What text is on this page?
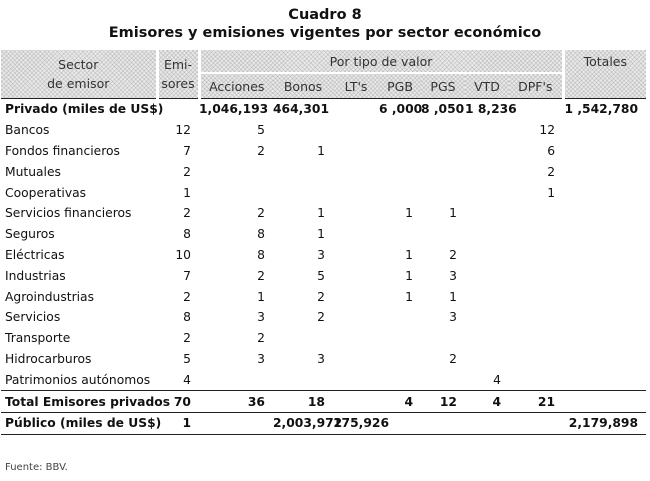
Cuadro 8
Emisores y emisiones vigentes por sector económico
Sector
de emisor	Emi-
sores	Por tipo de valor							Totales
		Acciones	Bonos	LT's	PGB	PGS	VTD	DPF's	
Privado (miles de US$)		1,046,193	464,301		6 ,000	8 ,050	1 8,236		1 ,542,780
Bancos	12	5						12	
Fondos financieros	7	2	1					6	
Mutuales	2							2	
Cooperativas	1							1	
Servicios financieros	2	2	1		1	1			
Seguros	8	8	1						
Eléctricas	10	8	3		1	2			
Industrias	7	2	5		1	3			
Agroindustrias	2	1	2		1	1			
Servicios	8	3	2			3			
Transporte	2	2							
Hidrocarburos	5	3	3			2			
Patrimonios autónomos	4						4		
Total Emisores privados	70	36	18		4	12	4	21	
Público (miles de US$)	1		2,003,972	175,926					2,179,898
Fuente: BBV.
